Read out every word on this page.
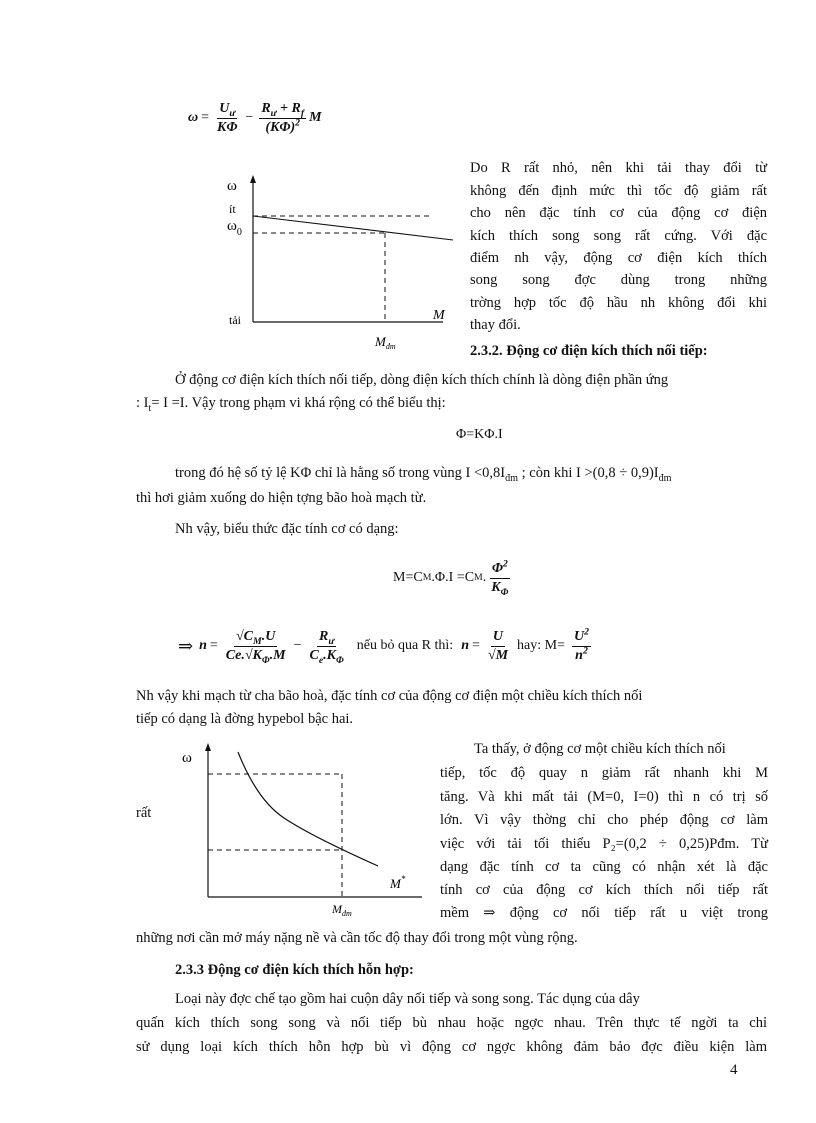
$\omega = \frac{U_ư}{K\Phi} - \frac{R_ư + R_f}{(K\Phi)^2}$ M
ω
ít
$\omega_0$
tải	M
$M_{đm}$
Do R rất nhỏ, nên khi tải thay đổi từ
không đến định mức thì tốc độ giảm rất
cho nên đặc tính cơ của động cơ điện
kích thích song song rất cứng. Với đặc
điểm nh vậy, động cơ điện kích thích
song song đợc dùng trong những
trờng hợp tốc độ hầu nh không đổi khi
thay đổi.
2.3.2. Động cơ điện kích thích nối tiếp:
Ở động cơ điện kích thích nối tiếp, dòng điện kích thích chính là dòng điện phần ứng
: $I_t= I =I$. Vậy trong phạm vi khá rộng có thể biểu thị:
Φ=KΦ.I
trong đó hệ số tỷ lệ KΦ chỉ là hằng số trong vùng $I <0,8I_{đm}$ ; còn khi $I >(0,8 \div 0,9)I_{đm}$
thì hơi giảm xuống do hiện tợng bão hoà mạch từ.
Nh vậy, biểu thức đặc tính cơ có dạng:
M=C M .Φ.I =C M . $\frac{\Phi^2}{K_\Phi}$
⇒ $n = \frac{√C_M.U}{Cе.√K_\Phi.M} - \frac{R_ư}{C_e.K_\Phi}$ nếu bỏ qua R thì: $n = \frac{U}{√M}$ hay: $M= \frac{U^2}{n^2}$
Nh vậy khi mạch từ cha bão hoà, đặc tính cơ của động cơ điện một chiều kích thích nối
tiếp có dạng là đờng hypebol bậc hai.
ω
M*
$M_{đm}$
rất
Ta thấy, ở động cơ một chiều kích thích nối
tiếp, tốc độ quay n giảm rất nhanh khi M
tăng. Và khi mất tải (M=0, I=0) thì n có trị số
lớn. Vì vậy thờng chỉ cho phép động cơ làm
việc với tải tối thiểu P₂=(0,2 ÷ 0,25)Pđm. Từ
dạng đặc tính cơ ta cũng có nhận xét là đặc
tính cơ của động cơ kích thích nối tiếp rất
mềm ⇒ động cơ nối tiếp rất u việt trong
những nơi cần mở máy nặng nề và cần tốc độ thay đổi trong một vùng rộng.
2.3.3 Động cơ điện kích thích hỗn hợp:
Loại này đợc chế tạo gồm hai cuộn dây nối tiếp và song song. Tác dụng của dây
quấn kích thích song song và nối tiếp bù nhau hoặc ngợc nhau. Trên thực tế ngời ta chỉ
sử dụng loại kích thích hỗn hợp bù vì động cơ ngợc không đảm bảo đợc điều kiện làm
4
